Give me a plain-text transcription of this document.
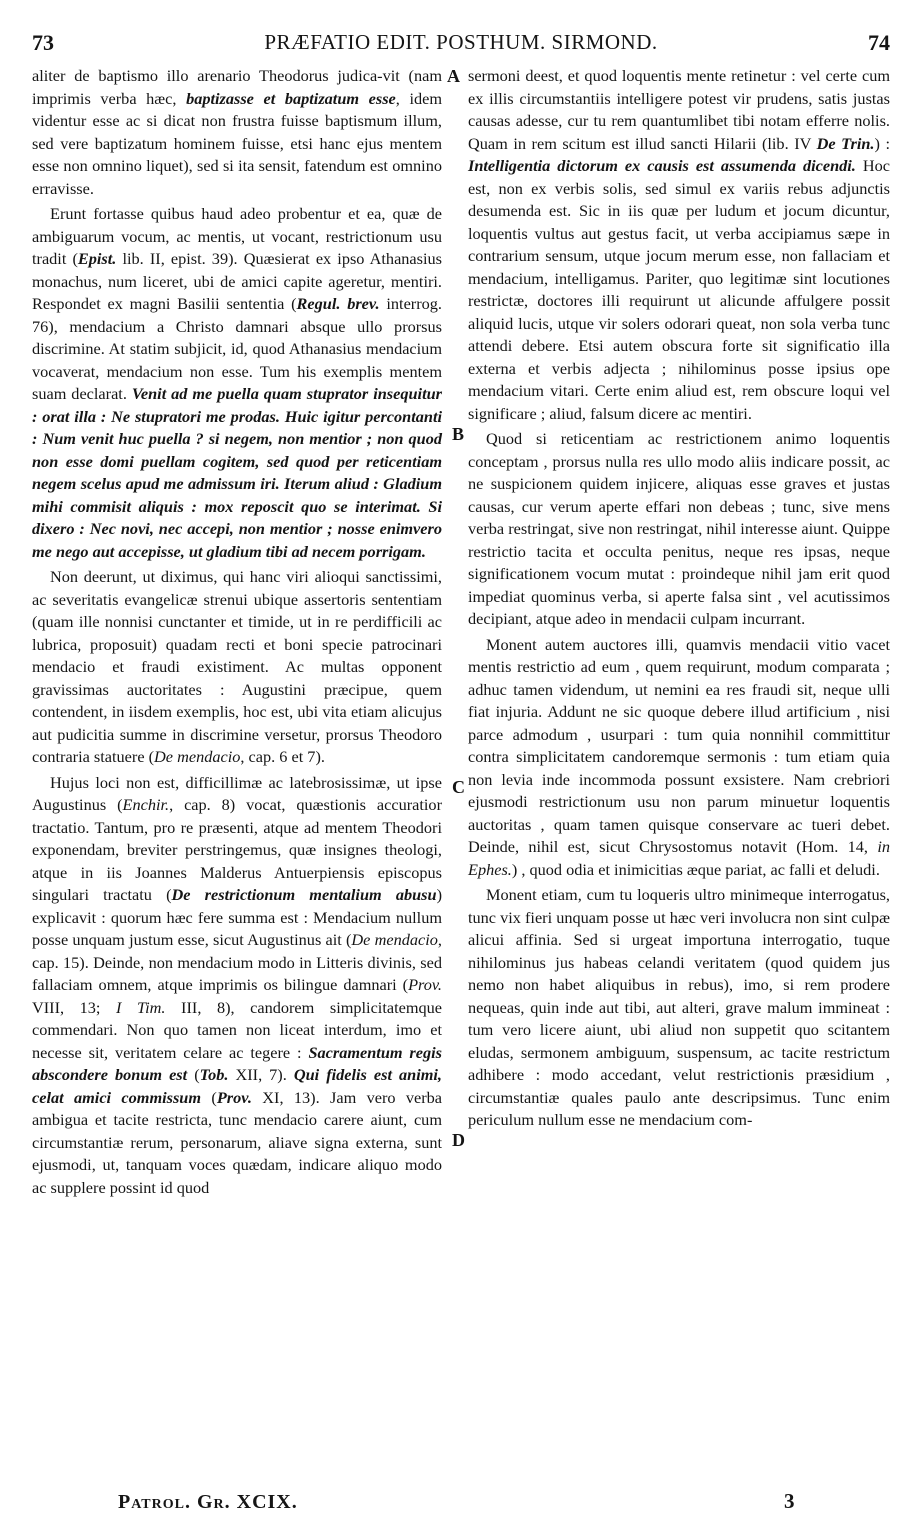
73	PRÆFATIO EDIT. POSTHUM. SIRMOND.	74

aliter de baptismo illo arenario Theodorus judica-vit (nam imprimis verba hæc, baptizasse et baptizatum esse, idem videntur esse ac si dicat non frustra fuisse baptismum illum, sed vere baptizatum hominem fuisse, etsi hanc ejus mentem esse non omnino liquet), sed si ita sensit, fatendum est omnino erravisse.

Erunt fortasse quibus haud adeo probentur et ea, quæ de ambiguarum vocum, ac mentis, ut vocant, restrictionum usu tradit (Epist. lib. II, epist. 39). Quæsierat ex ipso Athanasius monachus, num liceret, ubi de amici capite ageretur, mentiri. Respondet ex magni Basilii sententia (Regul. brev. interrog. 76), mendacium a Christo damnari absque ullo prorsus discrimine. At statim subjicit, id, quod Athanasius mendacium vocaverat, mendacium non esse. Tum his exemplis mentem suam declarat. Venit ad me puella quam stuprator insequitur : orat illa : Ne stupratori me prodas. Huic igitur percontanti : Num venit huc puella ? si negem, non mentior ; non quod non esse domi puellam cogitem, sed quod per reticentiam negem scelus apud me admissum iri. Iterum aliud : Gladium mihi commisit aliquis : mox reposcit quo se interimat. Si dixero : Nec novi, nec accepi, non mentior ; nosse enimvero me nego aut accepisse, ut gladium tibi ad necem porrigam.

Non deerunt, ut diximus, qui hanc viri alioqui sanctissimi, ac severitatis evangelicæ strenui ubique assertoris sententiam (quam ille nonnisi cunctanter et timide, ut in re perdifficili ac lubrica, proposuit) quadam recti et boni specie patrocinari mendacio et fraudi existiment. Ac multas opponent gravissimas auctoritates : Augustini præcipue, quem contendent, in iisdem exemplis, hoc est, ubi vita etiam alicujus aut pudicitia summe in discrimine versetur, prorsus Theodoro contraria statuere (De mendacio, cap. 6 et 7).

Hujus loci non est, difficillimæ ac latebrosissimæ, ut ipse Augustinus (Enchir., cap. 8) vocat, quæstionis accuratior tractatio. Tantum, pro re præsenti, atque ad mentem Theodori exponendam, breviter perstringemus, quæ insignes theologi, atque in iis Joannes Malderus Antuerpiensis episcopus singulari tractatu (De restrictionum mentalium abusu) explicavit : quorum hæc fere summa est : Mendacium nullum posse unquam justum esse, sicut Augustinus ait (De mendacio, cap. 15). Deinde, non mendacium modo in Litteris divinis, sed fallaciam omnem, atque imprimis os bilingue damnari (Prov. VIII, 13; I Tim. III, 8), candorem simplicitatemque commendari. Non quo tamen non liceat interdum, imo et necesse sit, veritatem celare ac tegere : Sacramentum regis abscondere bonum est (Tob. XII, 7). Qui fidelis est animi, celat amici commissum (Prov. XI, 13). Jam vero verba ambigua et tacite restricta, tunc mendacio carere aiunt, cum circumstantiæ rerum, personarum, aliave signa externa, sunt ejusmodi, ut, tanquam voces quædam, indicare aliquo modo ac supplere possint id quod

sermoni deest, et quod loquentis mente retinetur : vel certe cum ex illis circumstantiis intelligere potest vir prudens, satis justas causas adesse, cur tu rem quantumlibet tibi notam efferre nolis. Quam in rem scitum est illud sancti Hilarii (lib. IV De Trin.) : Intelligentia dictorum ex causis est assumenda dicendi. Hoc est, non ex verbis solis, sed simul ex variis rebus adjunctis desumenda est. Sic in iis quæ per ludum et jocum dicuntur, loquentis vultus aut gestus facit, ut verba accipiamus sæpe in contrarium sensum, utque jocum merum esse, non fallaciam et mendacium, intelligamus. Pariter, quo legitimæ sint locutiones restrictæ, doctores illi requirunt ut alicunde affulgere possit aliquid lucis, utque vir solers odorari queat, non sola verba tunc attendi debere. Etsi autem obscura forte sit significatio illa externa et verbis adjecta ; nihilominus posse ipsius ope mendacium vitari. Certe enim aliud est, rem obscure loqui vel significare ; aliud, falsum dicere ac mentiri.

Quod si reticentiam ac restrictionem animo loquentis conceptam , prorsus nulla res ullo modo aliis indicare possit, ac ne suspicionem quidem injicere, aliquas esse graves et justas causas, cur verum aperte effari non debeas ; tunc, sive mens verba restringat, sive non restringat, nihil interesse aiunt. Quippe restrictio tacita et occulta penitus, neque res ipsas, neque significationem vocum mutat : proindeque nihil jam erit quod impediat quominus verba, si aperte falsa sint , vel acutissimos decipiant, atque adeo in mendacii culpam incurrant.

Monent autem auctores illi, quamvis mendacii vitio vacet mentis restrictio ad eum , quem requirunt, modum comparata ; adhuc tamen videndum, ut nemini ea res fraudi sit, neque ulli fiat injuria. Addunt ne sic quoque debere illud artificium , nisi parce admodum , usurpari : tum quia nonnihil committitur contra simplicitatem candoremque sermonis : tum etiam quia non levia inde incommoda possunt exsistere. Nam crebriori ejusmodi restrictionum usu non parum minuetur loquentis auctoritas , quam tamen quisque conservare ac tueri debet. Deinde, nihil est, sicut Chrysostomus notavit (Hom. 14, in Ephes.) , quod odia et inimicitias æque pariat, ac falli et deludi.

Monent etiam, cum tu loqueris ultro minimeque interrogatus, tunc vix fieri unquam posse ut hæc veri involucra non sint culpæ alicui affinia. Sed si urgeat importuna interrogatio, tuque nihilominus jus habeas celandi veritatem (quod quidem jus nemo non habet aliquibus in rebus), imo, si rem prodere nequeas, quin inde aut tibi, aut alteri, grave malum immineat : tum vero licere aiunt, ubi aliud non suppetit quo scitantem eludas, sermonem ambiguum, suspensum, ac tacite restrictum adhibere : modo accedant, velut restrictionis præsidium , circumstantiæ quales paulo ante descripsimus. Tunc enim periculum nullum esse ne mendacium com-

A
B
C
D
Patrol. Gr. XCIX.	3
